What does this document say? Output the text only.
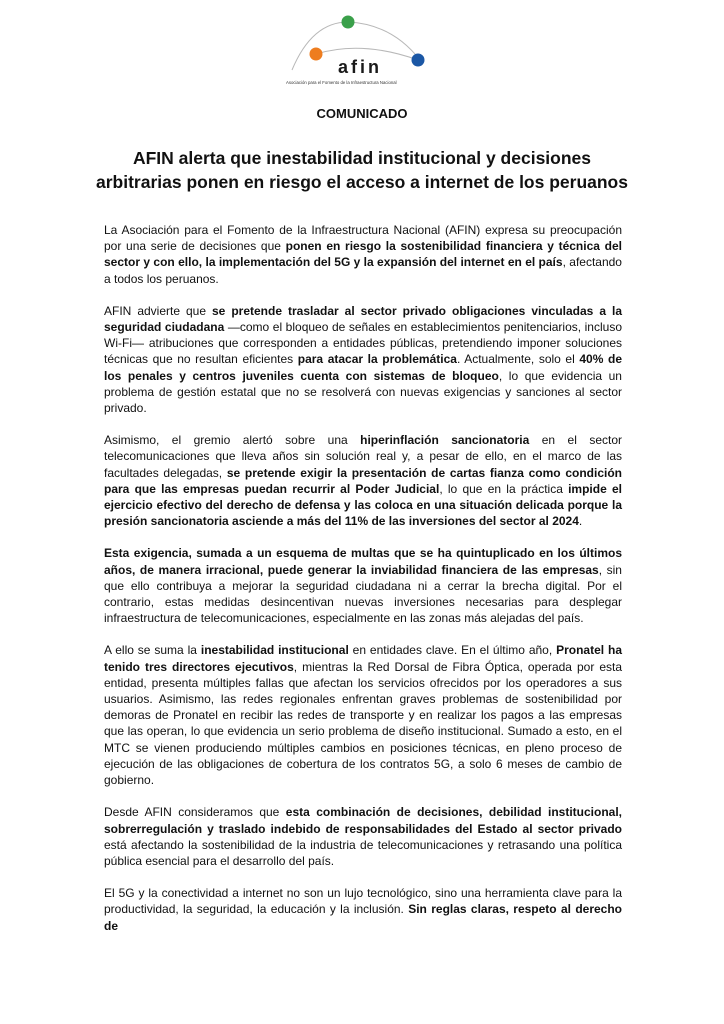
afin
Asociación para el Fomento de la Infraestructura Nacional
COMUNICADO
AFIN alerta que inestabilidad institucional y decisiones
arbitrarias ponen en riesgo el acceso a internet de los peruanos

La Asociación para el Fomento de la Infraestructura Nacional (AFIN) expresa su preocupación por una serie de decisiones que ponen en riesgo la sostenibilidad financiera y técnica del sector y con ello, la implementación del 5G y la expansión del internet en el país, afectando a todos los peruanos.

AFIN advierte que se pretende trasladar al sector privado obligaciones vinculadas a la seguridad ciudadana —como el bloqueo de señales en establecimientos penitenciarios, incluso Wi-Fi— atribuciones que corresponden a entidades públicas, pretendiendo imponer soluciones técnicas que no resultan eficientes para atacar la problemática. Actualmente, solo el 40% de los penales y centros juveniles cuenta con sistemas de bloqueo, lo que evidencia un problema de gestión estatal que no se resolverá con nuevas exigencias y sanciones al sector privado.

Asimismo, el gremio alertó sobre una hiperinflación sancionatoria en el sector telecomunicaciones que lleva años sin solución real y, a pesar de ello, en el marco de las facultades delegadas, se pretende exigir la presentación de cartas fianza como condición para que las empresas puedan recurrir al Poder Judicial, lo que en la práctica impide el ejercicio efectivo del derecho de defensa y las coloca en una situación delicada porque la presión sancionatoria asciende a más del 11% de las inversiones del sector al 2024.

Esta exigencia, sumada a un esquema de multas que se ha quintuplicado en los últimos años, de manera irracional, puede generar la inviabilidad financiera de las empresas, sin que ello contribuya a mejorar la seguridad ciudadana ni a cerrar la brecha digital. Por el contrario, estas medidas desincentivan nuevas inversiones necesarias para desplegar infraestructura de telecomunicaciones, especialmente en las zonas más alejadas del país.

A ello se suma la inestabilidad institucional en entidades clave. En el último año, Pronatel ha tenido tres directores ejecutivos, mientras la Red Dorsal de Fibra Óptica, operada por esta entidad, presenta múltiples fallas que afectan los servicios ofrecidos por los operadores a sus usuarios. Asimismo, las redes regionales enfrentan graves problemas de sostenibilidad por demoras de Pronatel en recibir las redes de transporte y en realizar los pagos a las empresas que las operan, lo que evidencia un serio problema de diseño institucional. Sumado a esto, en el MTC se vienen produciendo múltiples cambios en posiciones técnicas, en pleno proceso de ejecución de las obligaciones de cobertura de los contratos 5G, a solo 6 meses de cambio de gobierno.

Desde AFIN consideramos que esta combinación de decisiones, debilidad institucional, sobrerregulación y traslado indebido de responsabilidades del Estado al sector privado está afectando la sostenibilidad de la industria de telecomunicaciones y retrasando una política pública esencial para el desarrollo del país.

El 5G y la conectividad a internet no son un lujo tecnológico, sino una herramienta clave para la productividad, la seguridad, la educación y la inclusión. Sin reglas claras, respeto al derecho de
